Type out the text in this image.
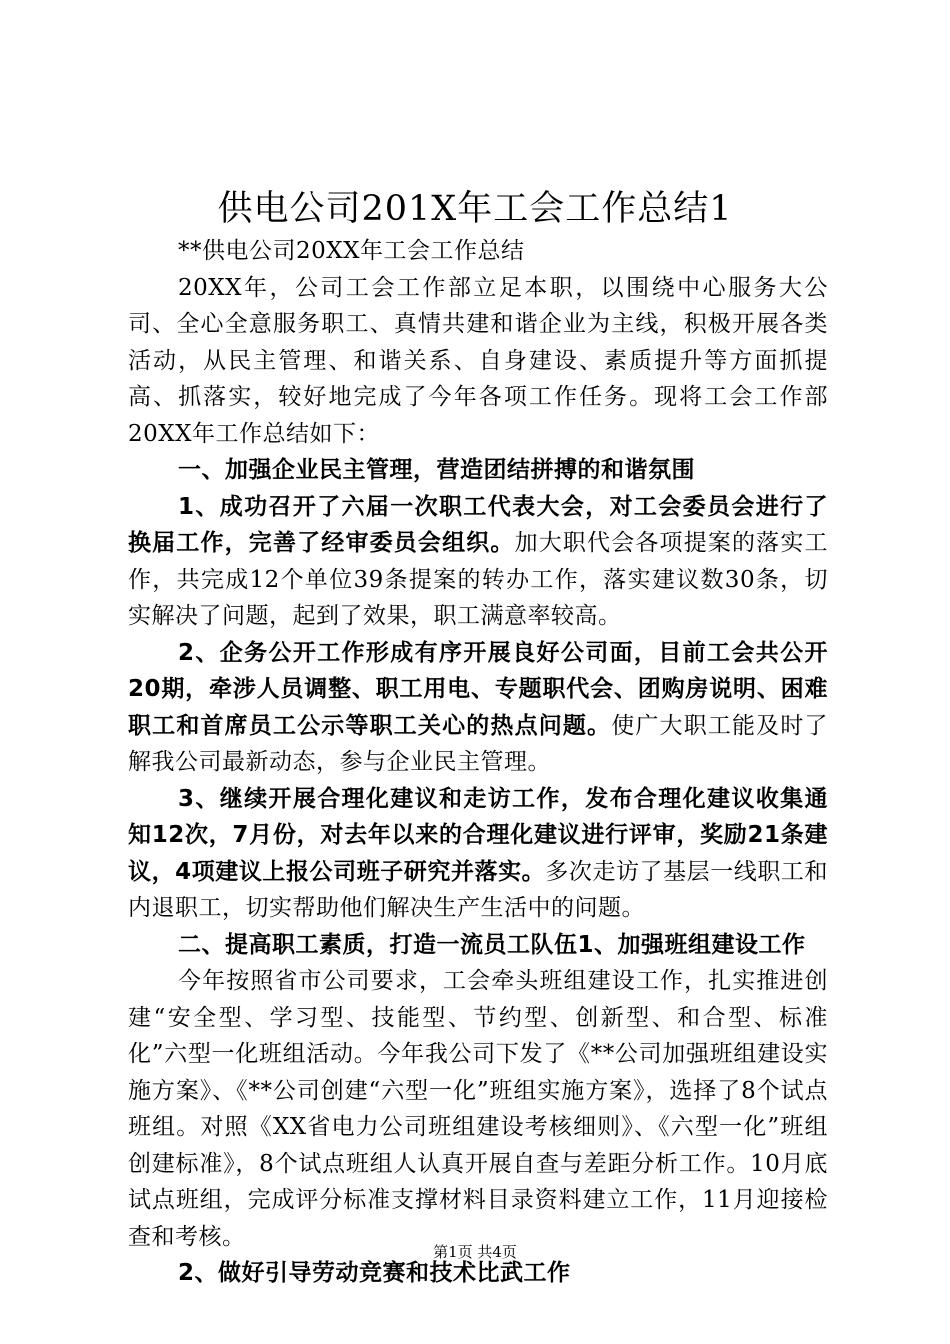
供电公司201X年工会工作总结1

**供电公司20XX年工会工作总结

20XX年，公司工会工作部立足本职，以围绕中心服务大公司、全心全意服务职工、真情共建和谐企业为主线，积极开展各类活动，从民主管理、和谐关系、自身建设、素质提升等方面抓提高、抓落实，较好地完成了今年各项工作任务。现将工会工作部20XX年工作总结如下：

一、加强企业民主管理，营造团结拼搏的和谐氛围

1、成功召开了六届一次职工代表大会，对工会委员会进行了换届工作，完善了经审委员会组织。加大职代会各项提案的落实工作，共完成12个单位39条提案的转办工作，落实建议数30条，切实解决了问题，起到了效果，职工满意率较高。

2、企务公开工作形成有序开展良好公司面，目前工会共公开20期，牵涉人员调整、职工用电、专题职代会、团购房说明、困难职工和首席员工公示等职工关心的热点问题。使广大职工能及时了解我公司最新动态，参与企业民主管理。

3、继续开展合理化建议和走访工作，发布合理化建议收集通知12次，7月份，对去年以来的合理化建议进行评审，奖励21条建议，4项建议上报公司班子研究并落实。多次走访了基层一线职工和内退职工，切实帮助他们解决生产生活中的问题。

二、提高职工素质，打造一流员工队伍1、加强班组建设工作

今年按照省市公司要求，工会牵头班组建设工作，扎实推进创建“安全型、学习型、技能型、节约型、创新型、和合型、标准化”六型一化班组活动。今年我公司下发了《**公司加强班组建设实施方案》、《**公司创建“六型一化”班组实施方案》，选择了8个试点班组。对照《XX省电力公司班组建设考核细则》、《六型一化”班组创建标准》，8个试点班组人认真开展自查与差距分析工作。10月底试点班组，完成评分标准支撑材料目录资料建立工作，11月迎接检查和考核。

2、做好引导劳动竞赛和技术比武工作

第1页 共4页
